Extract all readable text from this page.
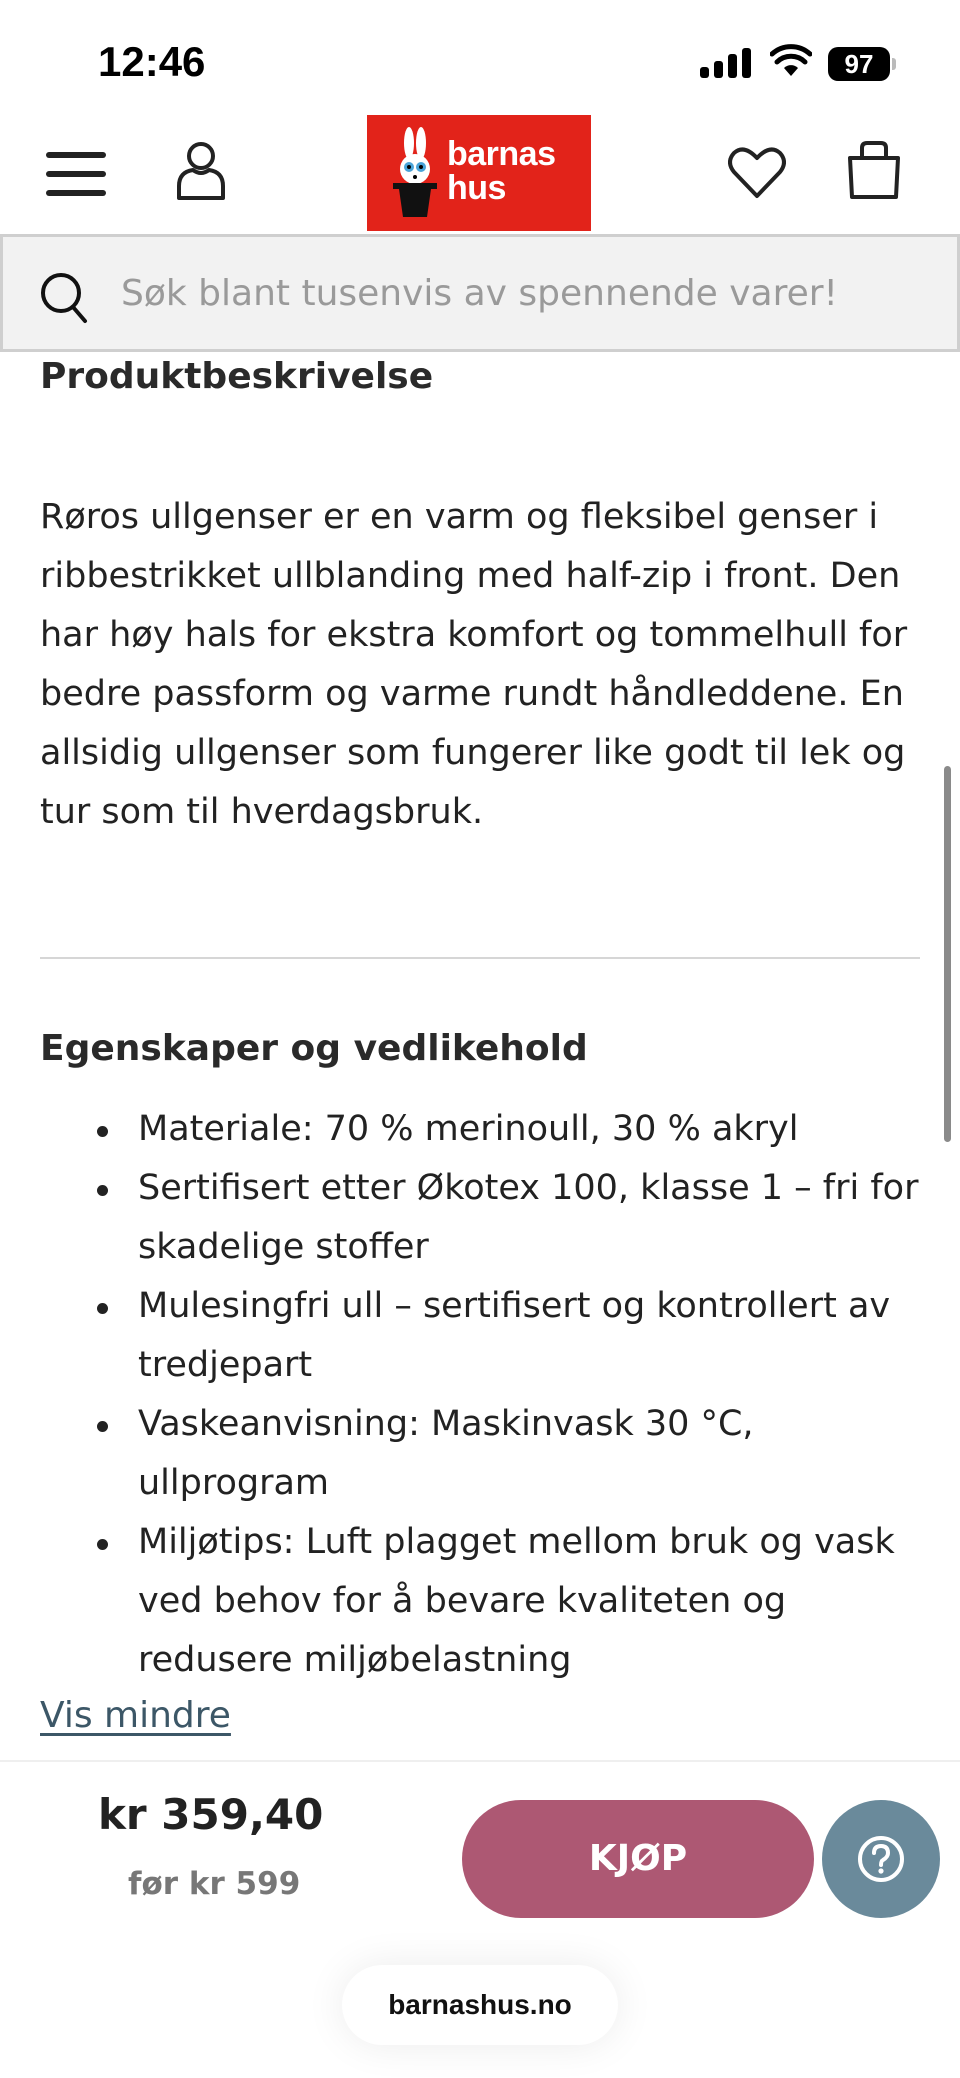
12:46	97
barnas
hus
Søk blant tusenvis av spennende varer!
Produktbeskrivelse

Røros ullgenser er en varm og fleksibel genser i ribbestrikket ullblanding med half-zip i front. Den har høy hals for ekstra komfort og tommelhull for bedre passform og varme rundt håndleddene. En allsidig ullgenser som fungerer like godt til lek og tur som til hverdagsbruk.

Egenskaper og vedlikehold
Materiale: 70 % merinoull, 30 % akryl
Sertifisert etter Økotex 100, klasse 1 – fri for skadelige stoffer
Mulesingfri ull – sertifisert og kontrollert av tredjepart
Vaskeanvisning: Maskinvask 30 °C, ullprogram
Miljøtips: Luft plagget mellom bruk og vask ved behov for å bevare kvaliteten og redusere miljøbelastning
Vis mindre
kr 359,40
før kr 599
KJØP
barnashus.no
